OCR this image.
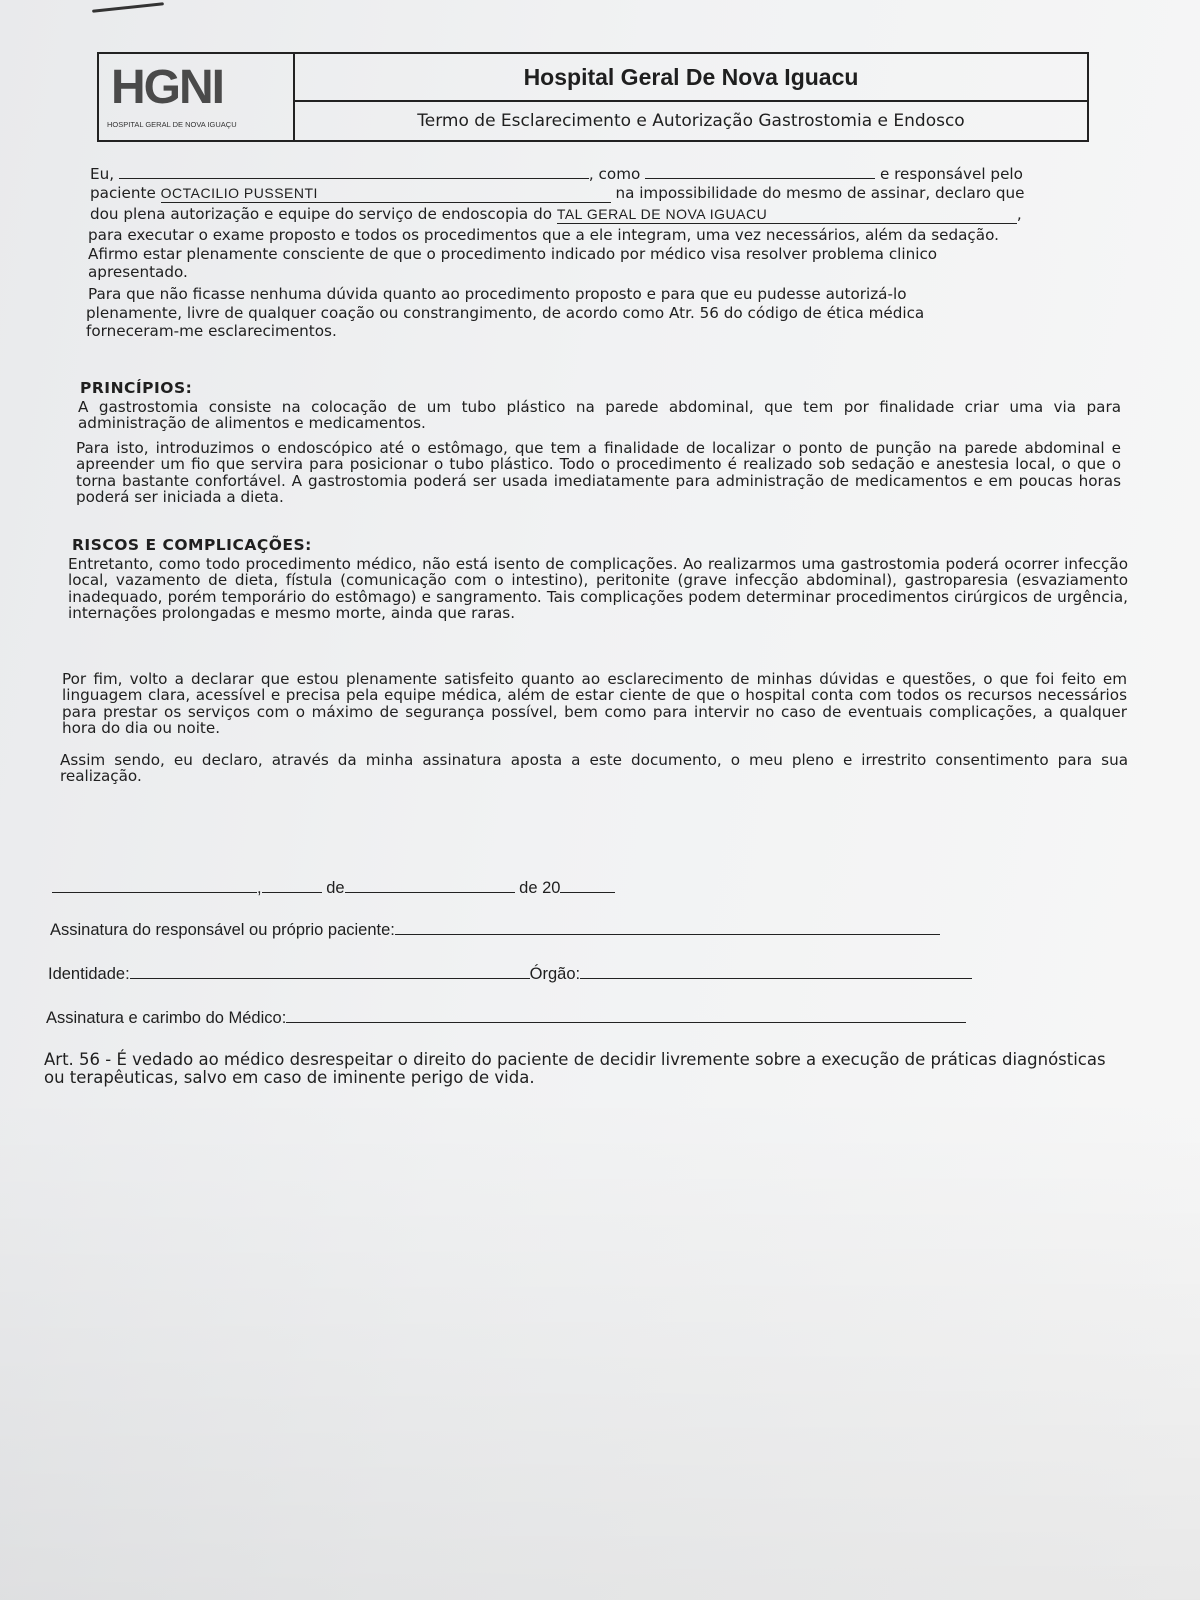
HGNI
HOSPITAL GERAL DE NOVA IGUAÇU
Hospital Geral De Nova Iguacu
Termo de Esclarecimento e Autorização Gastrostomia e Endosco
Eu,	, como	e responsável pelo
paciente OCTACILIO PUSSENTI	na impossibilidade do mesmo de assinar, declaro que
dou plena autorização e equipe do serviço de endoscopia do TAL GERAL DE NOVA IGUACU	,
para executar o exame proposto e todos os procedimentos que a ele integram, uma vez necessários, além da sedação.
Afirmo estar plenamente consciente de que o procedimento indicado por médico visa resolver problema clinico
apresentado.
Para que não ficasse nenhuma dúvida quanto ao procedimento proposto e para que eu pudesse autorizá-lo
plenamente, livre de qualquer coação ou constrangimento, de acordo como Atr. 56 do código de ética médica
forneceram-me esclarecimentos.
PRINCÍPIOS:
A gastrostomia consiste na colocação de um tubo plástico na parede abdominal, que tem por finalidade criar uma via para administração de alimentos e medicamentos.
Para isto, introduzimos o endoscópico até o estômago, que tem a finalidade de localizar o ponto de punção na parede abdominal e apreender um fio que servira para posicionar o tubo plástico. Todo o procedimento é realizado sob sedação e anestesia local, o que o torna bastante confortável. A gastrostomia poderá ser usada imediatamente para administração de medicamentos e em poucas horas poderá ser iniciada a dieta.
RISCOS E COMPLICAÇÕES:
Entretanto, como todo procedimento médico, não está isento de complicações. Ao realizarmos uma gastrostomia poderá ocorrer infecção local, vazamento de dieta, fístula (comunicação com o intestino), peritonite (grave infecção abdominal), gastroparesia (esvaziamento inadequado, porém temporário do estômago) e sangramento. Tais complicações podem determinar procedimentos cirúrgicos de urgência, internações prolongadas e mesmo morte, ainda que raras.
Por fim, volto a declarar que estou plenamente satisfeito quanto ao esclarecimento de minhas dúvidas e questões, o que foi feito em linguagem clara, acessível e precisa pela equipe médica, além de estar ciente de que o hospital conta com todos os recursos necessários para prestar os serviços com o máximo de segurança possível, bem como para intervir no caso de eventuais complicações, a qualquer hora do dia ou noite.
Assim sendo, eu declaro, através da minha assinatura aposta a este documento, o meu pleno e irrestrito consentimento para sua realização.
,	de	de 20
Assinatura do responsável ou próprio paciente:
Identidade:	Órgão:
Assinatura e carimbo do Médico:
Art. 56 - É vedado ao médico desrespeitar o direito do paciente de decidir livremente sobre a execução de práticas diagnósticas ou terapêuticas, salvo em caso de iminente perigo de vida.
